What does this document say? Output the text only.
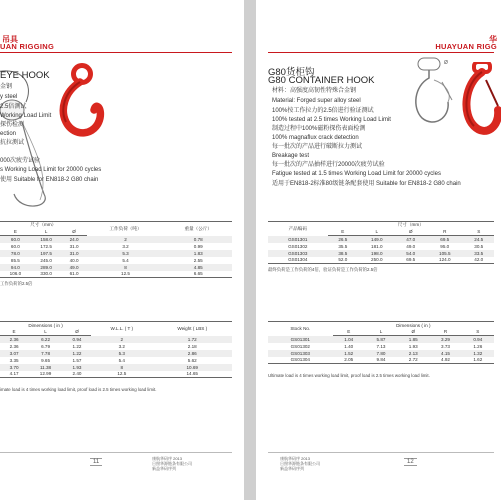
吊具
UAN RIGGING
EYE HOOK
金钢
y steel
2.5倍测试
Working Load Limit
探伤检测
ection
抗拉测试
000次疲劳试验
s Working Load Limit for 20000 cycles
使用 Suitable for EN818-2 G80 chain
尺寸（mm）			工作负荷（吨）	重量（公斤）
E	L	Ø		
60.0	158.0	24.0	2	0.78
60.0	172.5	31.0	3.2	0.99
78.0	197.5	31.0	5.3	1.83
85.5	245.0	40.0	5.4	2.55
94.0	289.0	49.0	8	4.85
106.0	330.0	61.0	12.5	6.65
工作负荷的2.5倍
Dimensions ( in )			W.L.L. ( T )	Weight ( LBS )
E	L	Ø		
2.36	6.22	0.94	2	1.72
2.36	6.79	1.22	3.2	2.18
3.07	7.78	1.22	5.3	2.86
3.35	9.65	1.57	5.4	5.62
3.70	11.38	1.93	8	10.69
4.17	12.99	2.40	12.5	14.65
imate load is 4 times working load limit, proof load is 2.5 times working load limit.
11
康航华码序 2013
日照华源链条有限公司
新益华码序列
华
HUAYUAN RIGG
G80货柜钩
G80 CONTAINER HOOK
Ø
材料：高强度高韧性特殊合金钢
Material: Forged super alloy steel
100%按工作拉力的2.5倍进行验证测试
100% tested at 2.5 times Working Load Limit
制造过程中100%磁粉探伤表面检测
100% magnaflux crack detection
每一批次的产品进行破断拉力测试
Breakage test
每一批次的产品抽样进行20000次疲劳试验
Fatigue tested at 1.5 times Working Load Limit for 20000 cycles
适用于EN818-2标准80级链条配套使用 Suitable for EN818-2 G80 chain
产品编码	尺寸（mm）				
	E	L	Ø	R	S
GS01301	26.5	149.0	47.0	69.5	24.5
GS01302	35.5	181.0	49.0	95.0	30.5
GS01303	38.5	198.0	54.0	105.5	33.5
GS01304	52.0	250.0	69.5	124.0	42.0
最终负荷是工作负荷的4倍，验证负荷是工作负荷的2.5倍
Stock No.	Dimensions ( in )				
	E	L	Ø	R	S
GS01301	1.04	5.87	1.85	3.29	0.94
GS01302	1.40	7.13	1.93	3.73	1.26
GS01303	1.52	7.80	2.13	4.15	1.32
GS01304	2.05	9.84	2.72	4.92	1.62
Ultimate load is 4 times working load limit, proof load is 2.5 times working load limit.
康航华码序 2013
日照华源链条有限公司
新益华码序列
12
